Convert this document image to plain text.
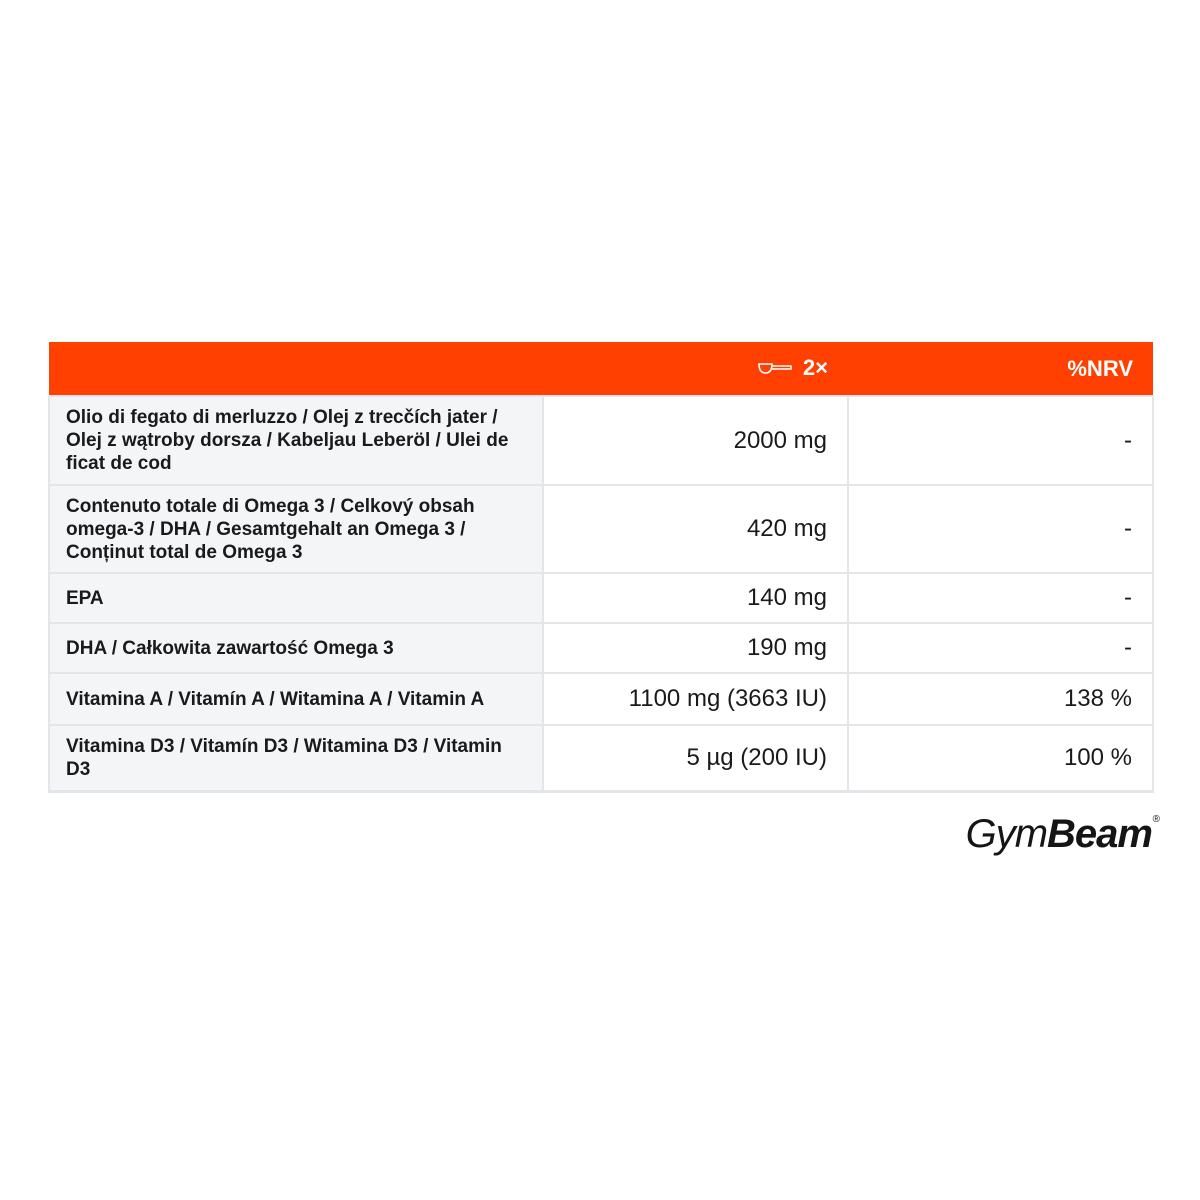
	2×	%NRV
Olio di fegato di merluzzo / Olej z trесčích jater / Olej z wątroby dorsza / Kabeljau Leberöl / Ulei de ficat de cod	2000 mg	-
Contenuto totale di Omega 3 / Celkový obsah omega-3 / DHA / Gesamtgehalt an Omega 3 / Conținut total de Omega 3	420 mg	-
EPA	140 mg	-
DHA / Całkowita zawartość Omega 3	190 mg	-
Vitamina A / Vitamín A / Witamina A / Vitamin A	1100 mg (3663 IU)	138 %
Vitamina D3 / Vitamín D3 / Witamina D3 / Vitamin D3	5 µg (200 IU)	100 %
GymBeam ®
